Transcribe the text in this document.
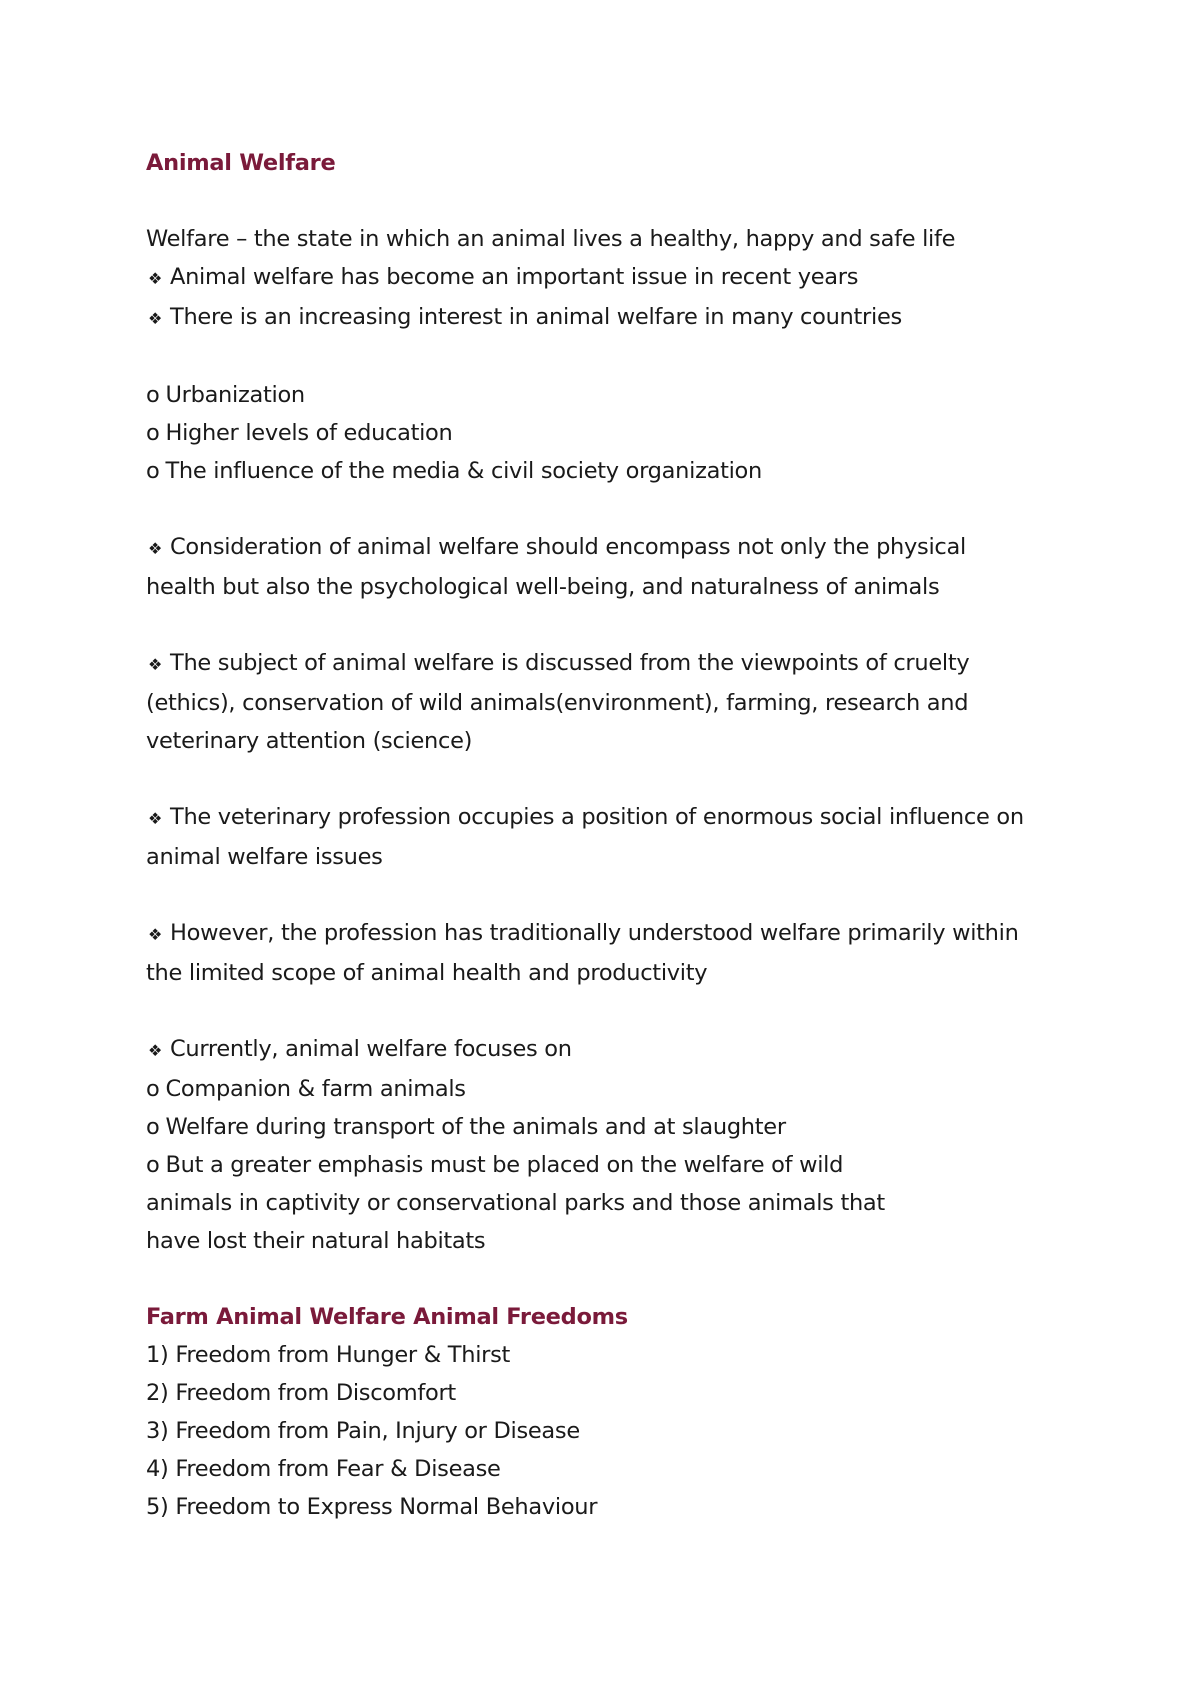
Animal Welfare

Welfare – the state in which an animal lives a healthy, happy and safe life

❖ Animal welfare has become an important issue in recent years

❖ There is an increasing interest in animal welfare in many countries

o Urbanization

o Higher levels of education

o The influence of the media & civil society organization

❖ Consideration of animal welfare should encompass not only the physical

health but also the psychological well-being, and naturalness of animals

❖ The subject of animal welfare is discussed from the viewpoints of cruelty

(ethics), conservation of wild animals(environment), farming, research and

veterinary attention (science)

❖ The veterinary profession occupies a position of enormous social influence on

animal welfare issues

❖ However, the profession has traditionally understood welfare primarily within

the limited scope of animal health and productivity

❖ Currently, animal welfare focuses on

o Companion & farm animals

o Welfare during transport of the animals and at slaughter

o But a greater emphasis must be placed on the welfare of wild

animals in captivity or conservational parks and those animals that

have lost their natural habitats

Farm Animal Welfare Animal Freedoms

1) Freedom from Hunger & Thirst

2) Freedom from Discomfort

3) Freedom from Pain, Injury or Disease

4) Freedom from Fear & Disease

5) Freedom to Express Normal Behaviour
